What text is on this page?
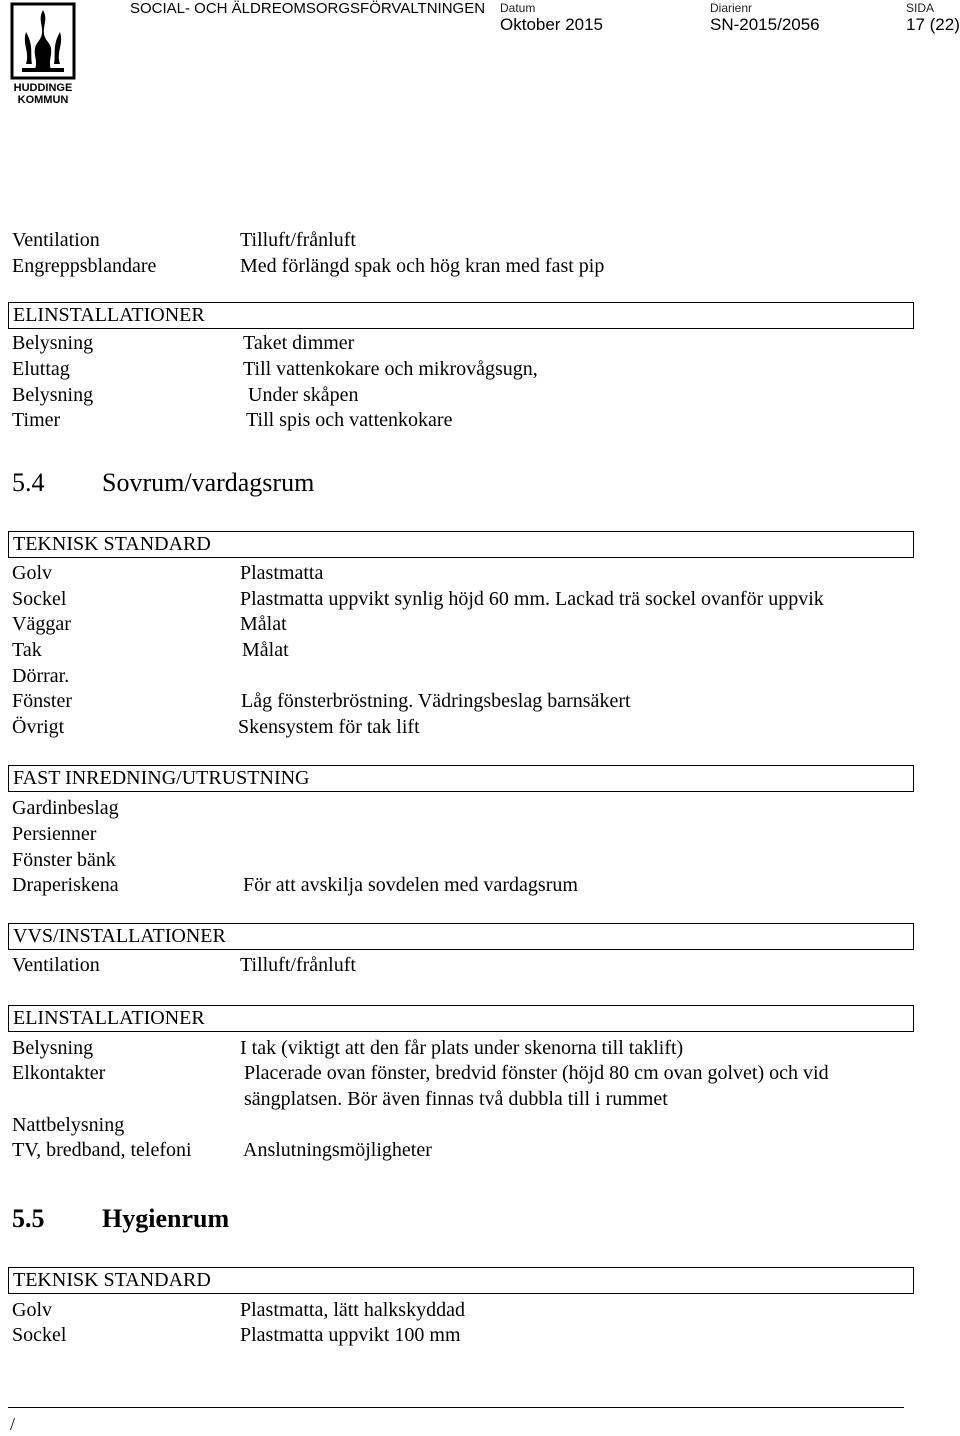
HUDDINGE
KOMMUN
SOCIAL- OCH ÄLDREOMSORGSFÖRVALTNINGEN Datum
Oktober 2015
Diarienr
SN-2015/2056
SIDA
17 (22)
Ventilation	Tilluft/frånluft
Engreppsblandare	Med förlängd spak och hög kran med fast pip
ELINSTALLATIONER
Belysning	Taket dimmer
Eluttag	Till vattenkokare och mikrovågsugn,
Belysning	Under skåpen
Timer	Till spis och vattenkokare
5.4 Sovrum/vardagsrum
TEKNISK STANDARD
Golv	Plastmatta
Sockel	Plastmatta uppvikt synlig höjd 60 mm. Lackad trä sockel ovanför uppvik
Väggar	Målat
Tak	Målat
Dörrar.
Fönster	Låg fönsterbröstning. Vädringsbeslag barnsäkert
Övrigt	Skensystem för tak lift
FAST INREDNING/UTRUSTNING
Gardinbeslag
Persienner
Fönster bänk
Draperiskena	För att avskilja sovdelen med vardagsrum
VVS/INSTALLATIONER
Ventilation	Tilluft/frånluft
ELINSTALLATIONER
Belysning	I tak (viktigt att den får plats under skenorna till taklift)
Elkontakter	Placerade ovan fönster, bredvid fönster (höjd 80 cm ovan golvet) och vid
sängplatsen. Bör även finnas två dubbla till i rummet
Nattbelysning
TV, bredband, telefoni	Anslutningsmöjligheter
5.5 Hygienrum
TEKNISK STANDARD
Golv	Plastmatta, lätt halkskyddad
Sockel	Plastmatta uppvikt 100 mm
/
